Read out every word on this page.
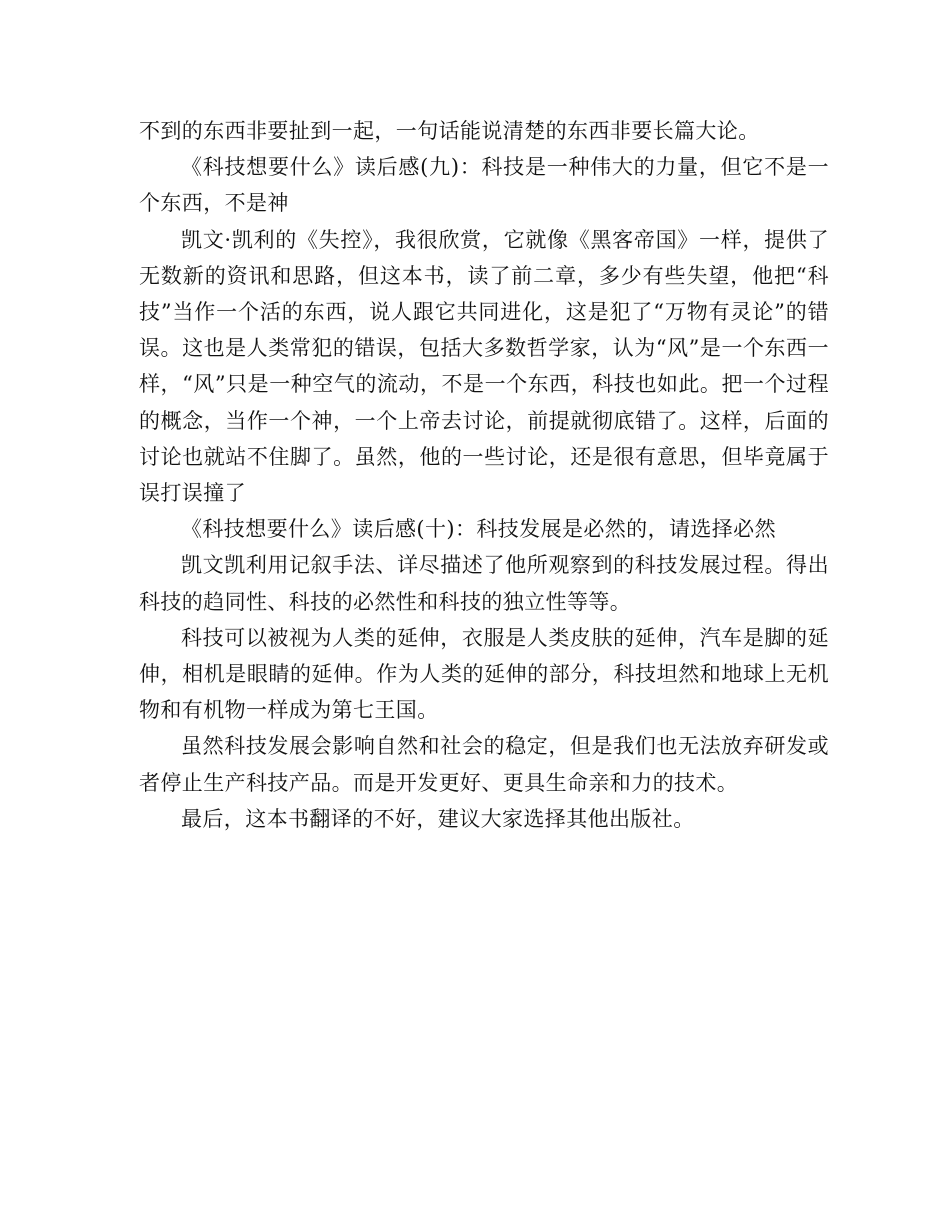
不到的东西非要扯到一起，一句话能说清楚的东西非要长篇大论。

《科技想要什么》读后感(九)：科技是一种伟大的力量，但它不是一个东西，不是神

凯文·凯利的《失控》，我很欣赏，它就像《黑客帝国》一样，提供了无数新的资讯和思路，但这本书，读了前二章，多少有些失望，他把“科技”当作一个活的东西，说人跟它共同进化，这是犯了“万物有灵论”的错误。这也是人类常犯的错误，包括大多数哲学家，认为“风”是一个东西一样，“风”只是一种空气的流动，不是一个东西，科技也如此。把一个过程的概念，当作一个神，一个上帝去讨论，前提就彻底错了。这样，后面的讨论也就站不住脚了。虽然，他的一些讨论，还是很有意思，但毕竟属于误打误撞了

《科技想要什么》读后感(十)：科技发展是必然的，请选择必然

凯文凯利用记叙手法、详尽描述了他所观察到的科技发展过程。得出科技的趋同性、科技的必然性和科技的独立性等等。

科技可以被视为人类的延伸，衣服是人类皮肤的延伸，汽车是脚的延伸，相机是眼睛的延伸。作为人类的延伸的部分，科技坦然和地球上无机物和有机物一样成为第七王国。

虽然科技发展会影响自然和社会的稳定，但是我们也无法放弃研发或者停止生产科技产品。而是开发更好、更具生命亲和力的技术。

最后，这本书翻译的不好，建议大家选择其他出版社。
